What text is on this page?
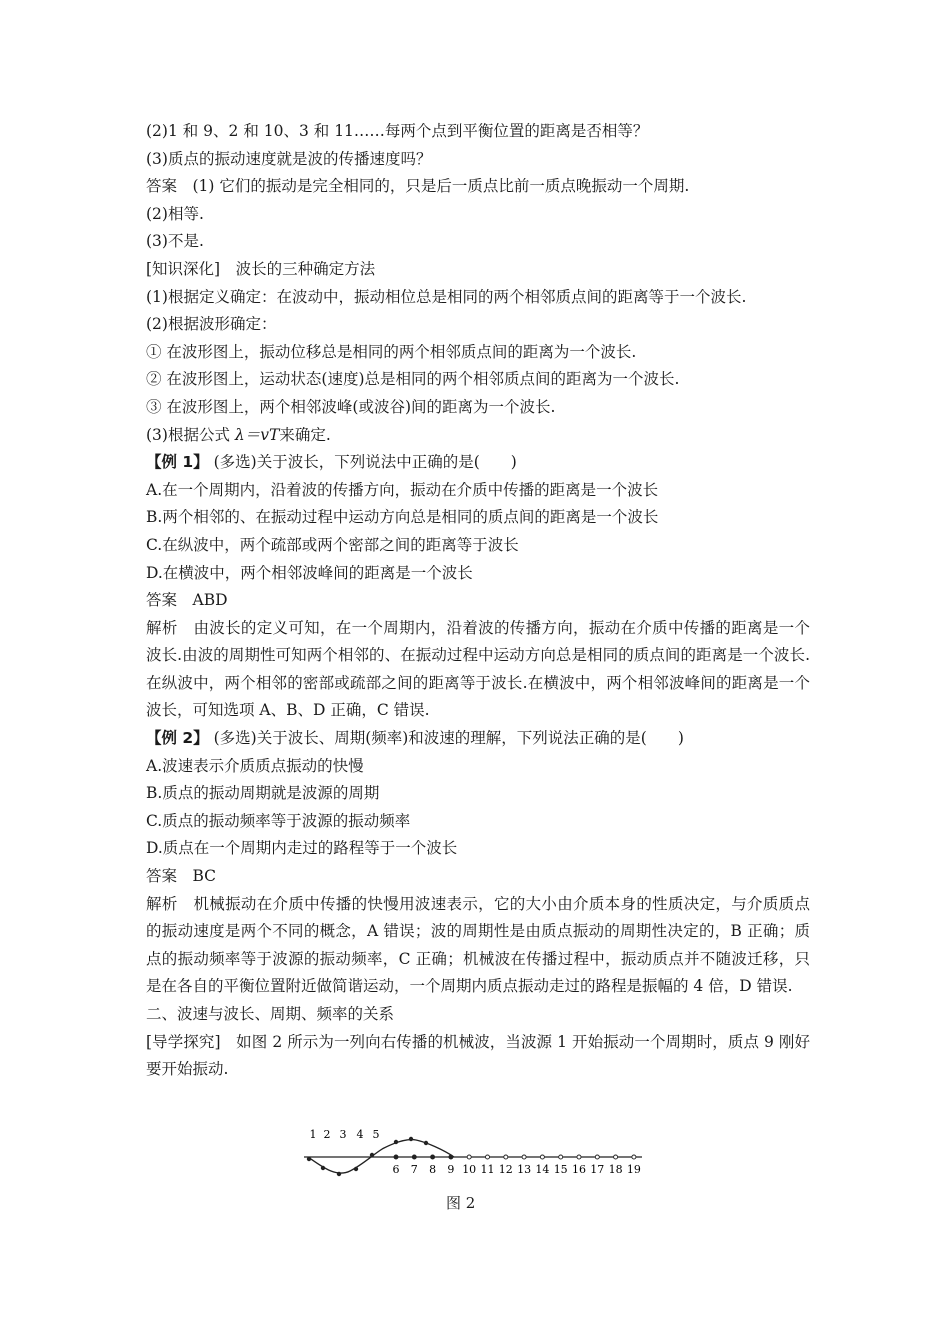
(2)1 和 9、2 和 10、3 和 11……每两个点到平衡位置的距离是否相等？
(3)质点的振动速度就是波的传播速度吗？
答案　(1) 它们的振动是完全相同的，只是后一质点比前一质点晚振动一个周期.
(2)相等.
(3)不是.
[知识深化]　波长的三种确定方法
(1)根据定义确定：在波动中，振动相位总是相同的两个相邻质点间的距离等于一个波长.
(2)根据波形确定：
① 在波形图上，振动位移总是相同的两个相邻质点间的距离为一个波长.
② 在波形图上，运动状态(速度)总是相同的两个相邻质点间的距离为一个波长.
③ 在波形图上，两个相邻波峰(或波谷)间的距离为一个波长.
(3)根据公式 λ＝vT来确定.
【例 1】 (多选)关于波长，下列说法中正确的是(　　)
A.在一个周期内，沿着波的传播方向，振动在介质中传播的距离是一个波长
B.两个相邻的、在振动过程中运动方向总是相同的质点间的距离是一个波长
C.在纵波中，两个疏部或两个密部之间的距离等于波长
D.在横波中，两个相邻波峰间的距离是一个波长
答案　ABD
解析　由波长的定义可知，在一个周期内，沿着波的传播方向，振动在介质中传播的距离是一个波长.由波的周期性可知两个相邻的、在振动过程中运动方向总是相同的质点间的距离是一个波长.在纵波中，两个相邻的密部或疏部之间的距离等于波长.在横波中，两个相邻波峰间的距离是一个波长，可知选项 A、B、D 正确，C 错误.
【例 2】 (多选)关于波长、周期(频率)和波速的理解，下列说法正确的是(　　)
A.波速表示介质质点振动的快慢
B.质点的振动周期就是波源的周期
C.质点的振动频率等于波源的振动频率
D.质点在一个周期内走过的路程等于一个波长
答案　BC
解析　机械振动在介质中传播的快慢用波速表示，它的大小由介质本身的性质决定，与介质质点的振动速度是两个不同的概念，A 错误；波的周期性是由质点振动的周期性决定的，B 正确；质点的振动频率等于波源的振动频率，C 正确；机械波在传播过程中，振动质点并不随波迁移，只是在各自的平衡位置附近做简谐运动，一个周期内质点振动走过的路程是振幅的 4 倍，D 错误.
二、波速与波长、周期、频率的关系
[导学探究]　如图 2 所示为一列向右传播的机械波，当波源 1 开始振动一个周期时，质点 9 刚好要开始振动.
1 2 3 4 5
6 7 8 9 10 11 12 13 14 15 16 17 18 19
图 2
